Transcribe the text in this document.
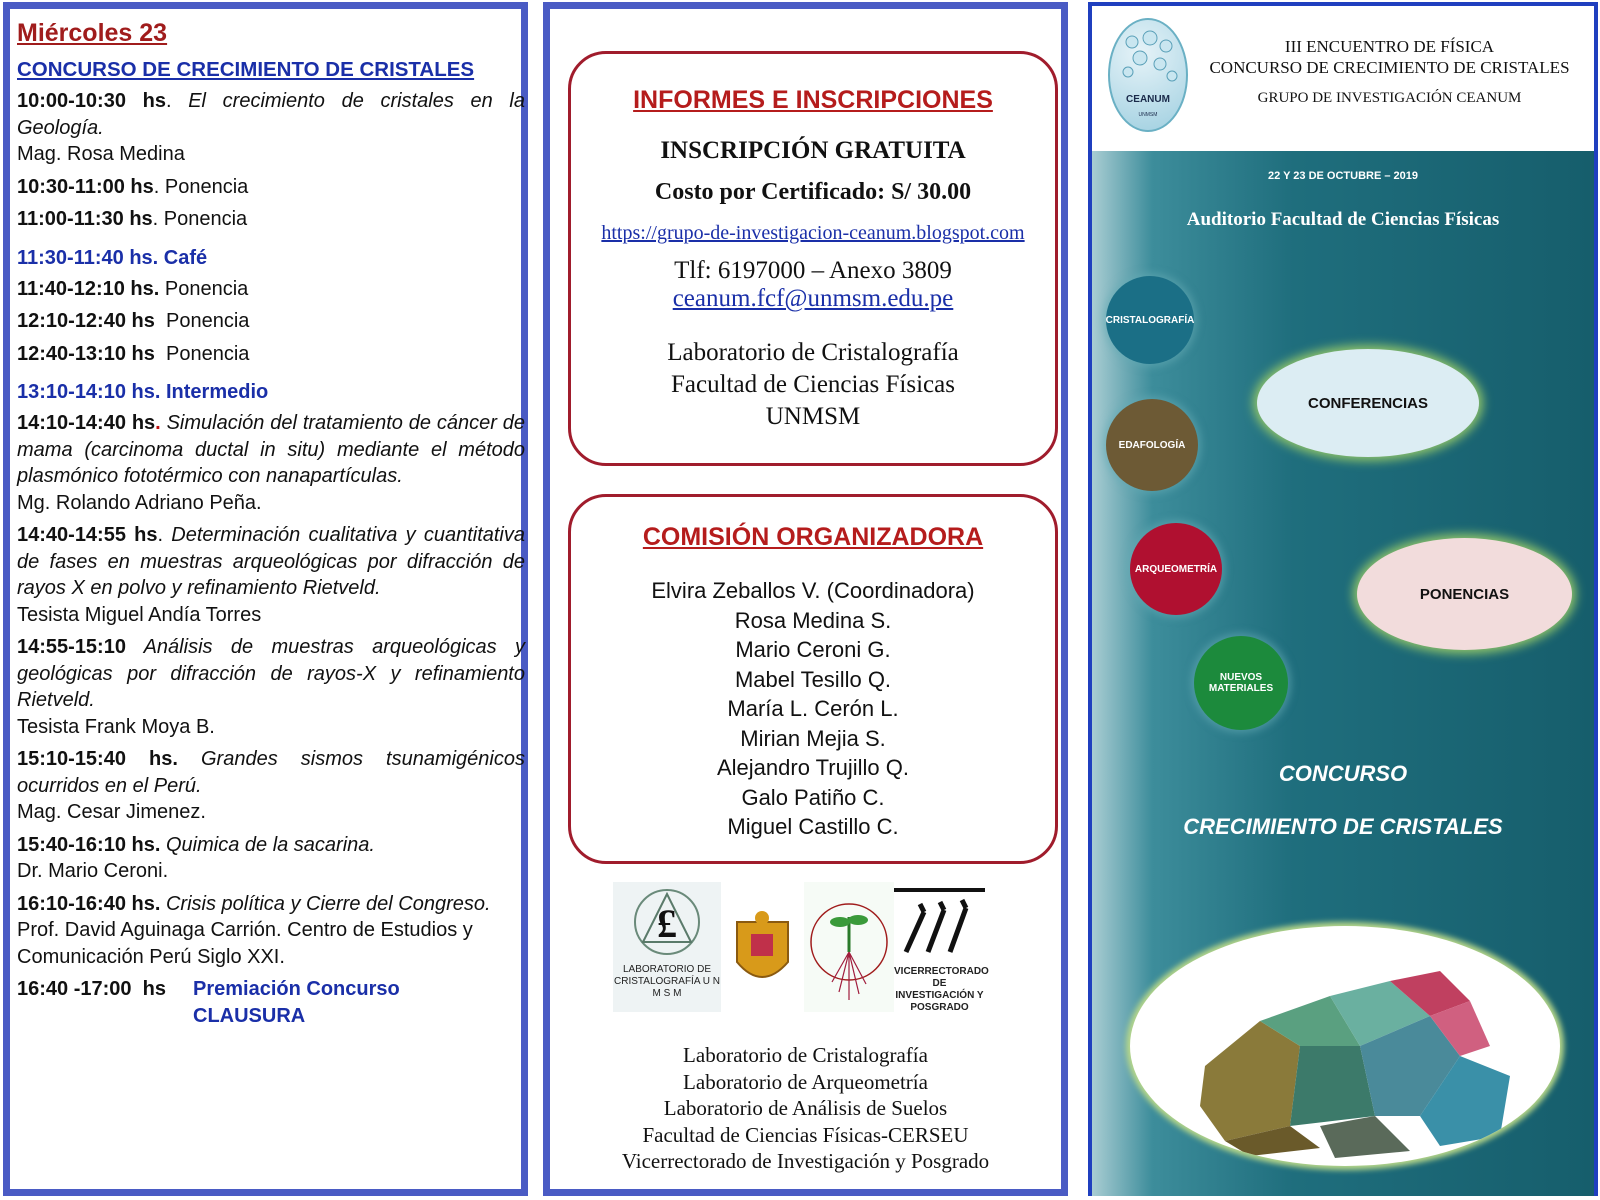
Miércoles 23
CONCURSO DE CRECIMIENTO DE CRISTALES
10:00-10:30 hs. El crecimiento de cristales en la Geología.
Mag. Rosa Medina
10:30-11:00 hs. Ponencia
11:00-11:30 hs. Ponencia
11:30-11:40 hs. Café
11:40-12:10 hs. Ponencia
12:10-12:40 hs  Ponencia
12:40-13:10 hs  Ponencia
13:10-14:10 hs. Intermedio
14:10-14:40 hs. Simulación del tratamiento de cáncer de mama (carcinoma ductal in situ) mediante el método plasmónico fototérmico con nanapartículas.
Mg. Rolando Adriano Peña.
14:40-14:55 hs. Determinación cualitativa y cuantitativa de fases en muestras arqueológicas por difracción de rayos X en polvo y refinamiento Rietveld.
Tesista Miguel Andía Torres
14:55-15:10 Análisis de muestras arqueológicas y geológicas por difracción de rayos-X y refinamiento Rietveld.
Tesista Frank Moya B.
15:10-15:40 hs. Grandes sismos tsunamigénicos ocurridos en el Perú.
Mag. Cesar Jimenez.
15:40-16:10 hs. Quimica de la sacarina.
Dr. Mario Ceroni.
16:10-16:40 hs. Crisis política y Cierre del Congreso.
Prof. David Aguinaga Carrión. Centro de Estudios y Comunicación Perú Siglo XXI.
16:40 -17:00  hs	Premiación Concurso
CLAUSURA
INFORMES E INSCRIPCIONES
INSCRIPCIÓN GRATUITA
Costo por Certificado: S/ 30.00
https://grupo-de-investigacion-ceanum.blogspot.com
Tlf: 6197000 – Anexo 3809
ceanum.fcf@unmsm.edu.pe
Laboratorio de Cristalografía
Facultad de Ciencias Físicas
UNMSM
COMISIÓN ORGANIZADORA
Elvira Zeballos V. (Coordinadora)
Rosa Medina S.
Mario Ceroni G.
Mabel Tesillo Q.
María L. Cerón L.
Mirian Mejia S.
Alejandro Trujillo Q.
Galo Patiño C.
Miguel Castillo C.
£
LABORATORIO DE CRISTALOGRAFÍA U N M S M
VICERRECTORADO DE INVESTIGACIÓN Y POSGRADO
Laboratorio de Cristalografía
Laboratorio de Arqueometría
Laboratorio de Análisis de Suelos
Facultad de Ciencias Físicas-CERSEU
Vicerrectorado de Investigación y Posgrado
CEANUM
UNMSM
III ENCUENTRO DE FÍSICA
CONCURSO DE CRECIMIENTO DE CRISTALES
GRUPO DE INVESTIGACIÓN CEANUM
22 Y 23 DE OCTUBRE – 2019
Auditorio Facultad de Ciencias Físicas
CRISTALOGRAFÍA
EDAFOLOGÍA
ARQUEOMETRÍA
NUEVOS MATERIALES
CONFERENCIAS
PONENCIAS
CONCURSO
CRECIMIENTO DE CRISTALES
